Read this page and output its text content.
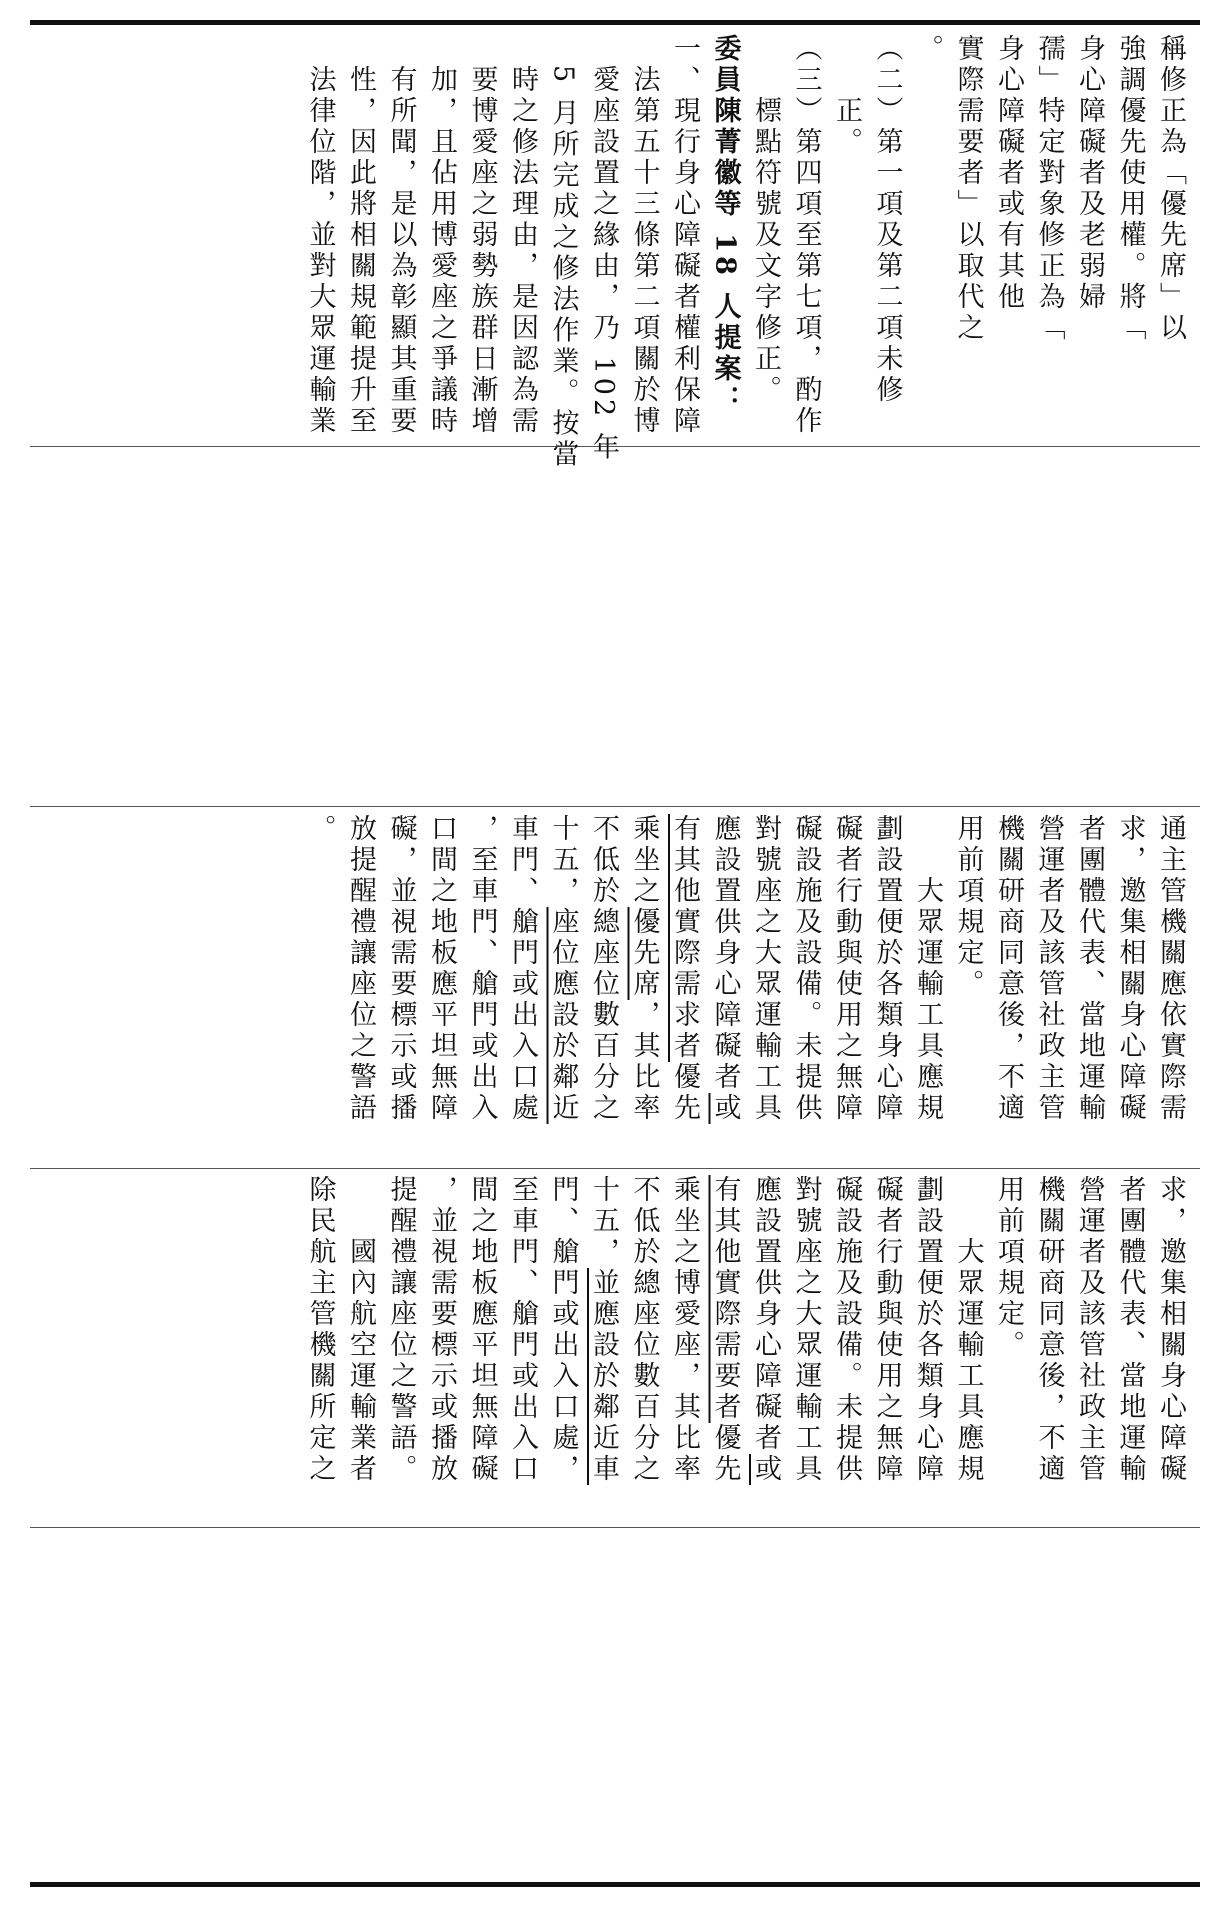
稱修正為「優先席」以
強調優先使用權。將「
身心障礙者及老弱婦
孺」特定對象修正為「
身心障礙者或有其他
實際需要者」以取代之
。
（二）第一項及第二項未修
　　正。
（三）第四項至第七項，酌作
　　標點符號及文字修正。
委員陳菁徽等 18 人提案：
一、現行身心障礙者權利保障
　法第五十三條第二項關於博
　愛座設置之緣由，乃 102 年
　5 月所完成之修法作業。按當
　時之修法理由，是因認為需
　要博愛座之弱勢族群日漸增
　加，且佔用博愛座之爭議時
　有所聞，是以為彰顯其重要
　性，因此將相關規範提升至
　法律位階，並對大眾運輸業
通主管機關應依實際需
求，邀集相關身心障礙
者團體代表、當地運輸
營運者及該管社政主管
機關研商同意後，不適
用前項規定。
　　大眾運輸工具應規
劃設置便於各類身心障
礙者行動與使用之無障
礙設施及設備。未提供
對號座之大眾運輸工具
應設置供身心障礙者或
有其他實際需求者優先
乘坐之優先席，其比率
不低於總座位數百分之
十五，座位應設於鄰近
車門、艙門或出入口處
，至車門、艙門或出入
口間之地板應平坦無障
礙，並視需要標示或播
放提醒禮讓座位之警語
。
求，邀集相關身心障礙
者團體代表、當地運輸
營運者及該管社政主管
機關研商同意後，不適
用前項規定。
　　大眾運輸工具應規
劃設置便於各類身心障
礙者行動與使用之無障
礙設施及設備。未提供
對號座之大眾運輸工具
應設置供身心障礙者或
有其他實際需要者優先
乘坐之博愛座，其比率
不低於總座位數百分之
十五，並應設於鄰近車
門、艙門或出入口處，
至車門、艙門或出入口
間之地板應平坦無障礙
，並視需要標示或播放
提醒禮讓座位之警語。
　　國內航空運輸業者
除民航主管機關所定之
